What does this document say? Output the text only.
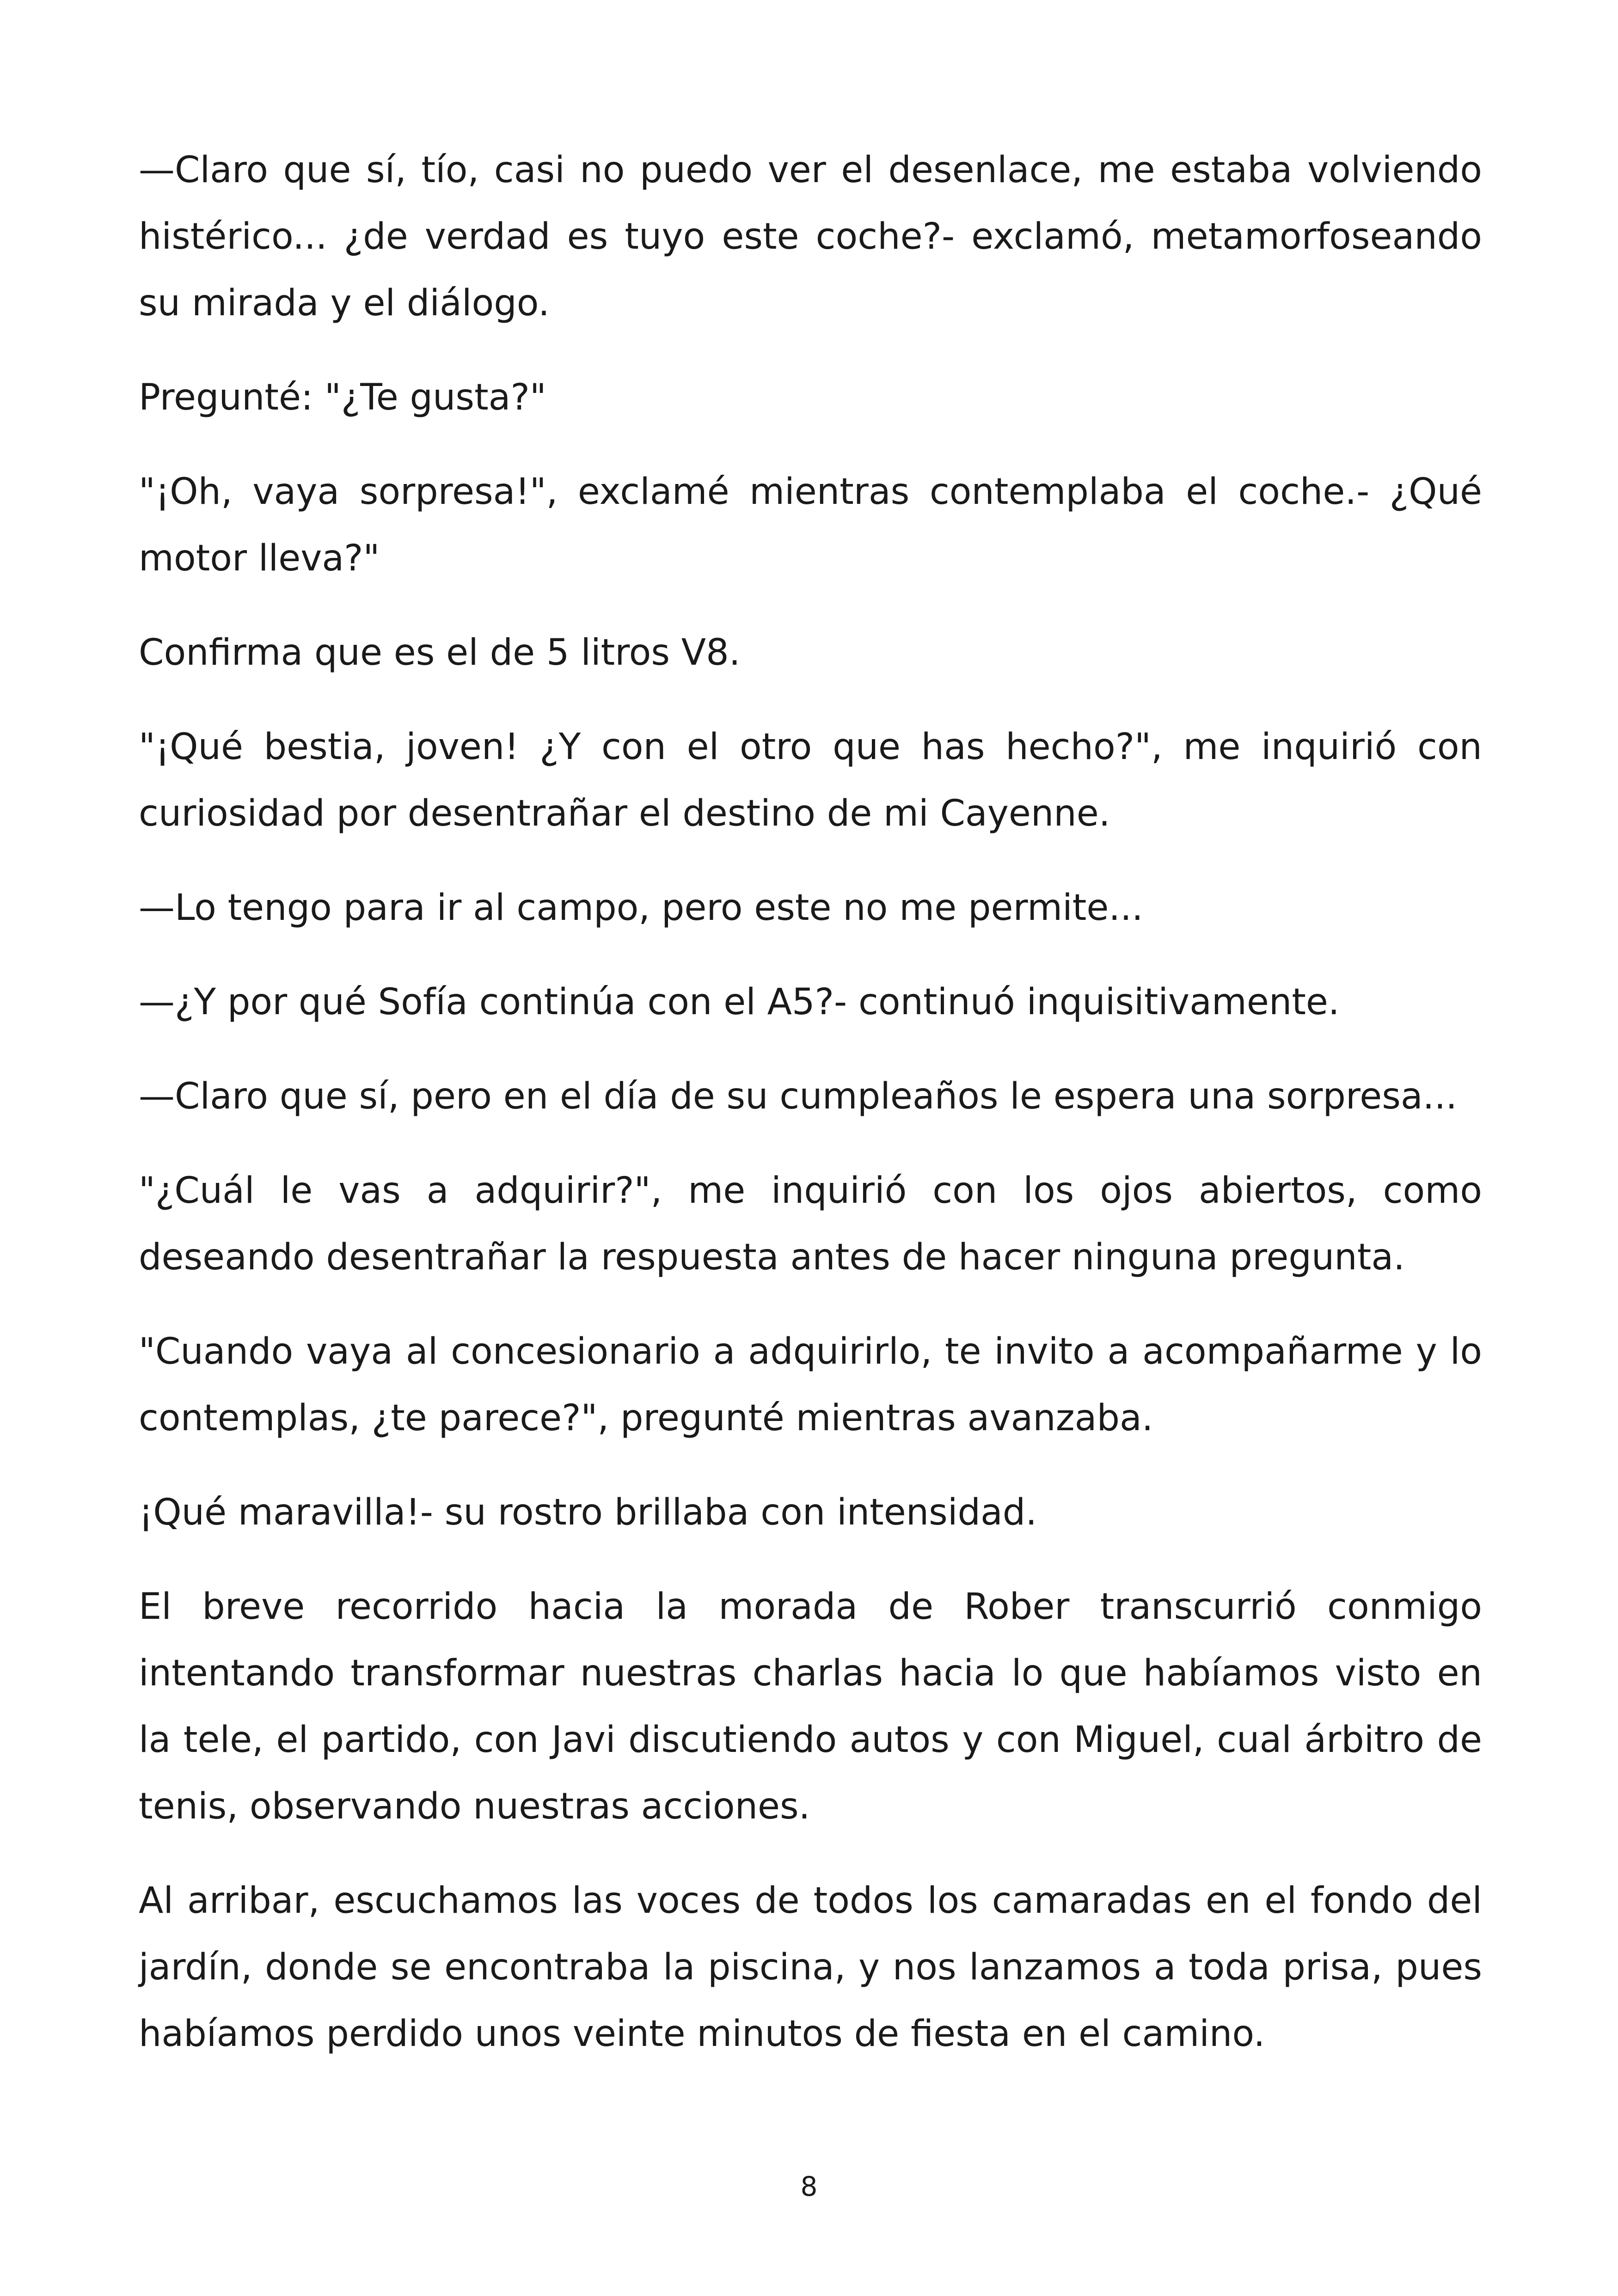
—Claro que sí, tío, casi no puedo ver el desenlace, me estaba volviendo histérico... ¿de verdad es tuyo este coche?- exclamó, metamorfoseando su mirada y el diálogo.

Pregunté: "¿Te gusta?"

"¡Oh, vaya sorpresa!", exclamé mientras contemplaba el coche.- ¿Qué motor lleva?"

Confirma que es el de 5 litros V8.

"¡Qué bestia, joven! ¿Y con el otro que has hecho?", me inquirió con curiosidad por desentrañar el destino de mi Cayenne.

—Lo tengo para ir al campo, pero este no me permite...

—¿Y por qué Sofía continúa con el A5?- continuó inquisitivamente.

—Claro que sí, pero en el día de su cumpleaños le espera una sorpresa...

"¿Cuál le vas a adquirir?", me inquirió con los ojos abiertos, como deseando desentrañar la respuesta antes de hacer ninguna pregunta.

"Cuando vaya al concesionario a adquirirlo, te invito a acompañarme y lo contemplas, ¿te parece?", pregunté mientras avanzaba.

¡Qué maravilla!- su rostro brillaba con intensidad.

El breve recorrido hacia la morada de Rober transcurrió conmigo intentando transformar nuestras charlas hacia lo que habíamos visto en la tele, el partido, con Javi discutiendo autos y con Miguel, cual árbitro de tenis, observando nuestras acciones.

Al arribar, escuchamos las voces de todos los camaradas en el fondo del jardín, donde se encontraba la piscina, y nos lanzamos a toda prisa, pues habíamos perdido unos veinte minutos de fiesta en el camino.

8
